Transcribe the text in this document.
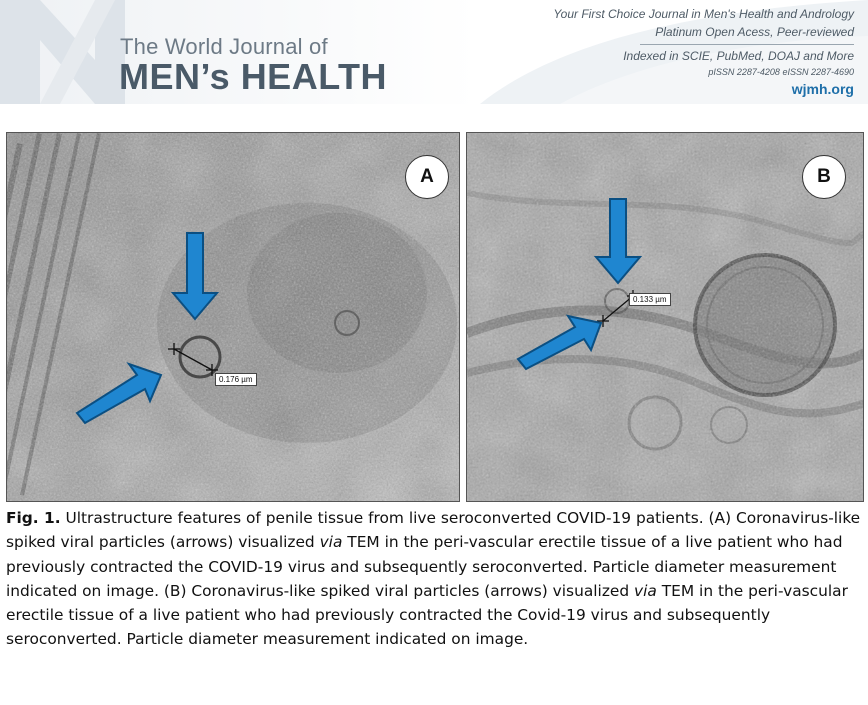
The World Journal of
MEN’s HEALTH
Your First Choice Journal in Men's Health and Andrology
Platinum Open Acess, Peer-reviewed
Indexed in SCIE, PubMed, DOAJ and More
pISSN 2287-4208 eISSN 2287-4690
wjmh.org
A
0.176 µm
B
0.133 µm
Fig. 1. Ultrastructure features of penile tissue from live seroconverted COVID-19 patients. (A) Coronavirus-like spiked viral particles (arrows) visualized via TEM in the peri-vascular erectile tissue of a live patient who had previously contracted the COVID-19 virus and subsequently seroconverted. Particle diameter measurement indicated on image. (B) Coronavirus-like spiked viral particles (arrows) visualized via TEM in the peri-vascular erectile tissue of a live patient who had previously contracted the Covid-19 virus and subsequently seroconverted. Particle diameter measurement indicated on image.
